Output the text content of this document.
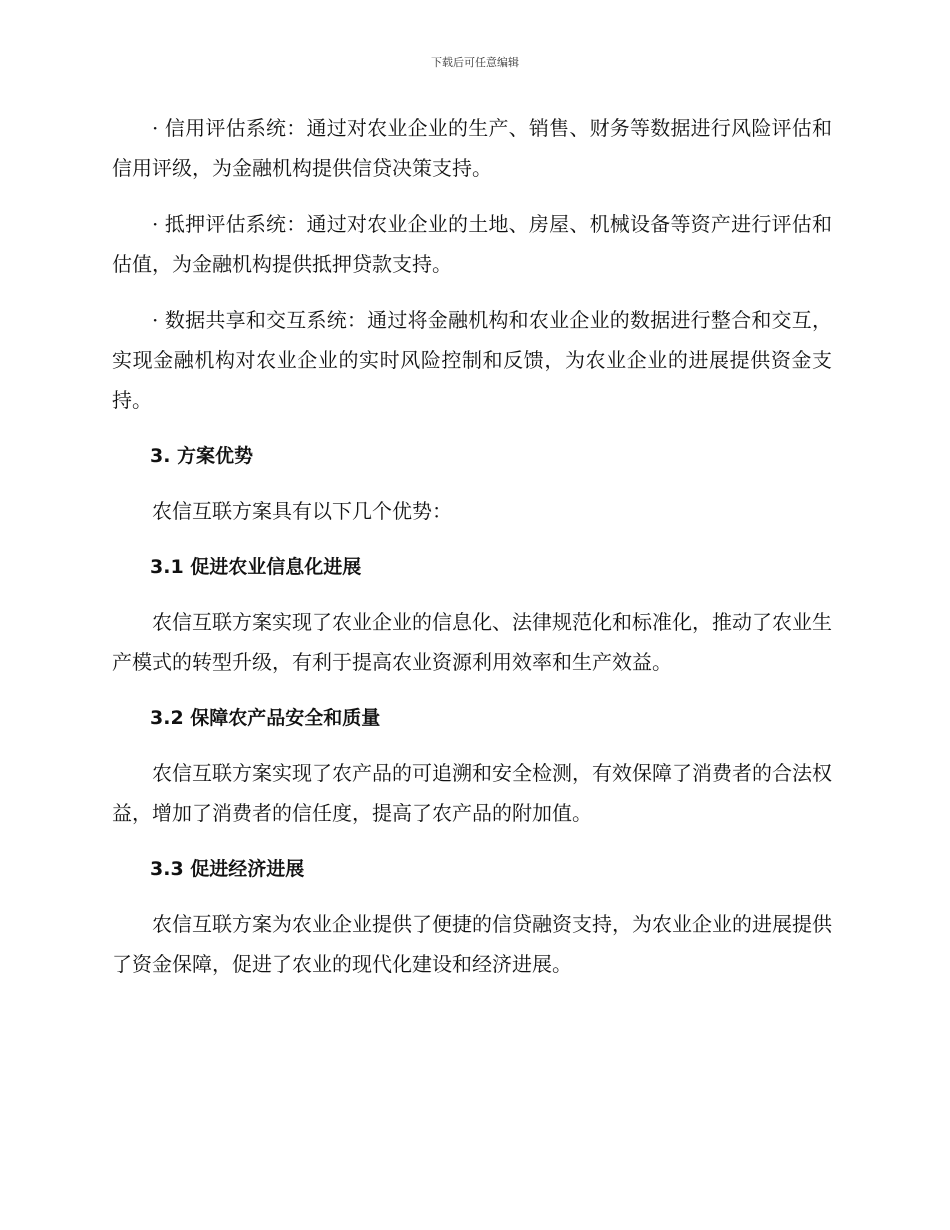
下载后可任意编辑

· 信用评估系统：通过对农业企业的生产、销售、财务等数据进行风险评估和信用评级，为金融机构提供信贷决策支持。

· 抵押评估系统：通过对农业企业的土地、房屋、机械设备等资产进行评估和估值，为金融机构提供抵押贷款支持。

· 数据共享和交互系统：通过将金融机构和农业企业的数据进行整合和交互，实现金融机构对农业企业的实时风险控制和反馈，为农业企业的进展提供资金支持。

3. 方案优势

农信互联方案具有以下几个优势：

3.1 促进农业信息化进展

农信互联方案实现了农业企业的信息化、法律规范化和标准化，推动了农业生产模式的转型升级，有利于提高农业资源利用效率和生产效益。

3.2 保障农产品安全和质量

农信互联方案实现了农产品的可追溯和安全检测，有效保障了消费者的合法权益，增加了消费者的信任度，提高了农产品的附加值。

3.3 促进经济进展

农信互联方案为农业企业提供了便捷的信贷融资支持，为农业企业的进展提供了资金保障，促进了农业的现代化建设和经济进展。
